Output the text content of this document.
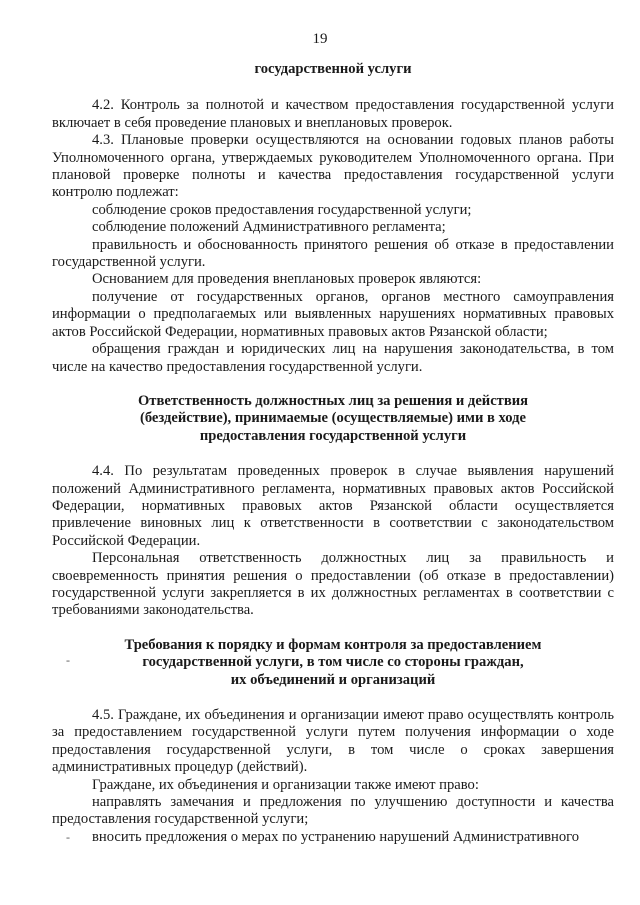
19

государственной услуги

4.2. Контроль за полнотой и качеством предоставления государственной услуги включает в себя проведение плановых и внеплановых проверок.

4.3. Плановые проверки осуществляются на основании годовых планов работы Уполномоченного органа, утверждаемых руководителем Уполномоченного органа. При плановой проверке полноты и качества предоставления государственной услуги контролю подлежат:

соблюдение сроков предоставления государственной услуги;

соблюдение положений Административного регламента;

правильность и обоснованность принятого решения об отказе в предоставлении государственной услуги.

Основанием для проведения внеплановых проверок являются:

получение от государственных органов, органов местного самоуправления информации о предполагаемых или выявленных нарушениях нормативных правовых актов Российской Федерации, нормативных правовых актов Рязанской области;

обращения граждан и юридических лиц на нарушения законодательства, в том числе на качество предоставления государственной услуги.

Ответственность должностных лиц за решения и действия

(бездействие), принимаемые (осуществляемые) ими в ходе

предоставления государственной услуги

4.4. По результатам проведенных проверок в случае выявления нарушений положений Административного регламента, нормативных правовых актов Российской Федерации, нормативных правовых актов Рязанской области осуществляется привлечение виновных лиц к ответственности в соответствии с законодательством Российской Федерации.

Персональная ответственность должностных лиц за правильность и своевременность принятия решения о предоставлении (об отказе в предоставлении) государственной услуги закрепляется в их должностных регламентах в соответствии с требованиями законодательства.

Требования к порядку и формам контроля за предоставлением

государственной услуги, в том числе со стороны граждан,

их объединений и организаций

4.5. Граждане, их объединения и организации имеют право осуществлять контроль за предоставлением государственной услуги путем получения информации о ходе предоставления государственной услуги, в том числе о сроках завершения административных процедур (действий).

Граждане, их объединения и организации также имеют право:

направлять замечания и предложения по улучшению доступности и качества предоставления государственной услуги;

вносить предложения о мерах по устранению нарушений Административного

-
-
